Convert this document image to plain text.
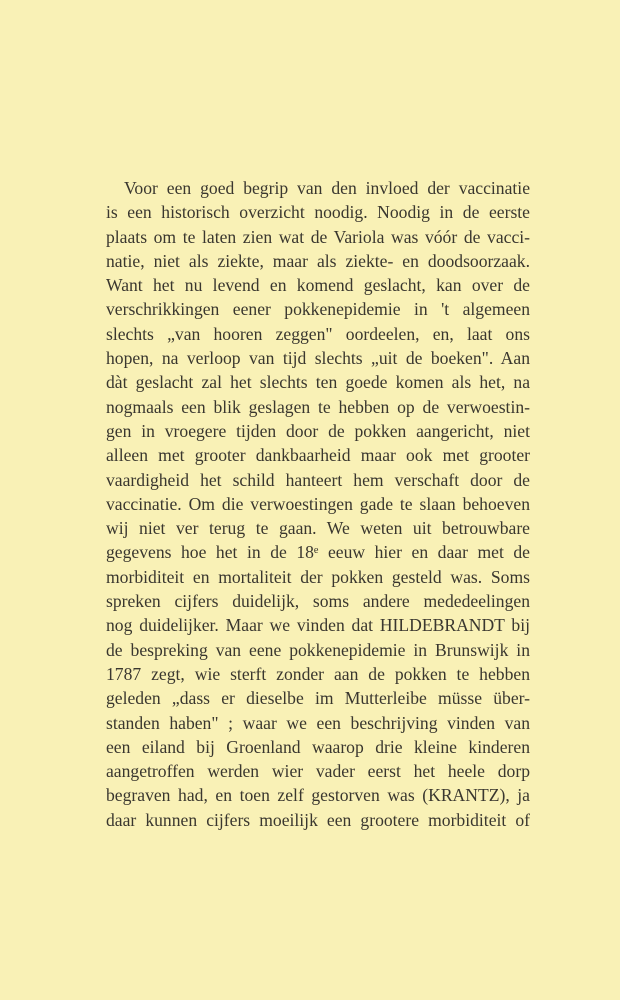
Voor een goed begrip van den invloed der vaccinatie
is een historisch overzicht noodig. Noodig in de eerste
plaats om te laten zien wat de Variola was vóór de vacci-
natie, niet als ziekte, maar als ziekte- en doodsoorzaak.
Want het nu levend en komend geslacht, kan over de
verschrikkingen eener pokkenepidemie in 't algemeen
slechts „van hooren zeggen" oordeelen, en, laat ons
hopen, na verloop van tijd slechts „uit de boeken". Aan
dàt geslacht zal het slechts ten goede komen als het, na
nogmaals een blik geslagen te hebben op de verwoestin-
gen in vroegere tijden door de pokken aangericht, niet
alleen met grooter dankbaarheid maar ook met grooter
vaardigheid het schild hanteert hem verschaft door de
vaccinatie. Om die verwoestingen gade te slaan behoeven
wij niet ver terug te gaan. We weten uit betrouwbare
gegevens hoe het in de 18ᵉ eeuw hier en daar met de
morbiditeit en mortaliteit der pokken gesteld was. Soms
spreken cijfers duidelijk, soms andere mededeelingen
nog duidelijker. Maar we vinden dat HILDEBRANDT bij
de bespreking van eene pokkenepidemie in Brunswijk in
1787 zegt, wie sterft zonder aan de pokken te hebben
geleden „dass er dieselbe im Mutterleibe müsse über-
standen haben" ; waar we een beschrijving vinden van
een eiland bij Groenland waarop drie kleine kinderen
aangetroffen werden wier vader eerst het heele dorp
begraven had, en toen zelf gestorven was (KRANTZ), ja
daar kunnen cijfers moeilijk een grootere morbiditeit of
